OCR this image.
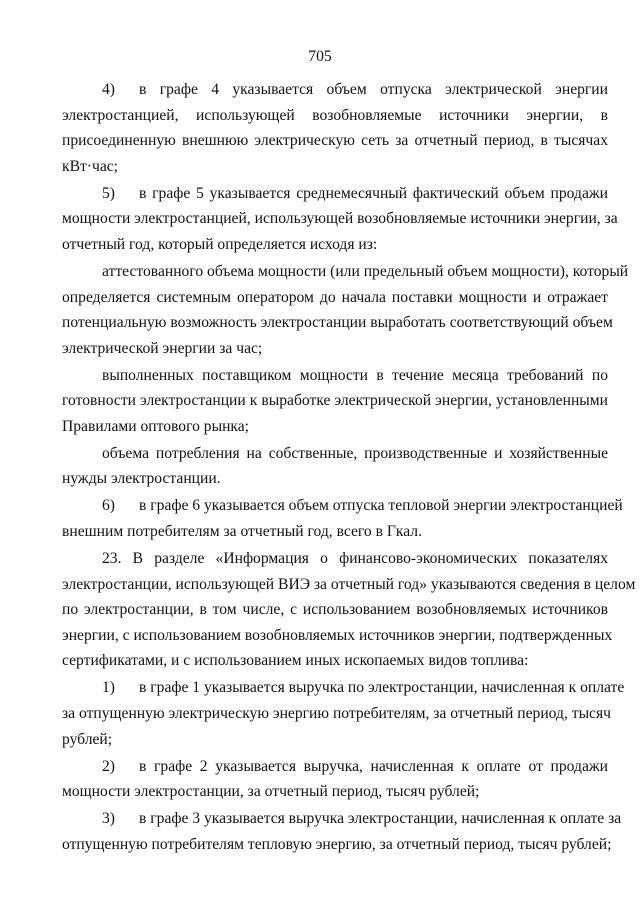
705
4) в графе 4 указывается объем отпуска электрической энергии
электростанцией, использующей возобновляемые источники энергии, в
присоединенную внешнюю электрическую сеть за отчетный период, в тысячах
кВт·час;
5) в графе 5 указывается среднемесячный фактический объем продажи
мощности электростанцией, использующей возобновляемые источники энергии, за
отчетный год, который определяется исходя из:
аттестованного объема мощности (или предельный объем мощности), который
определяется системным оператором до начала поставки мощности и отражает
потенциальную возможность электростанции выработать соответствующий объем
электрической энергии за час;
выполненных поставщиком мощности в течение месяца требований по
готовности электростанции к выработке электрической энергии, установленными
Правилами оптового рынка;
объема потребления на собственные, производственные и хозяйственные
нужды электростанции.
6) в графе 6 указывается объем отпуска тепловой энергии электростанцией
внешним потребителям за отчетный год, всего в Гкал.
23. В разделе «Информация о финансово-экономических показателях
электростанции, использующей ВИЭ за отчетный год» указываются сведения в целом
по электростанции, в том числе, с использованием возобновляемых источников
энергии, с использованием возобновляемых источников энергии, подтвержденных
сертификатами, и с использованием иных ископаемых видов топлива:
1) в графе 1 указывается выручка по электростанции, начисленная к оплате
за отпущенную электрическую энергию потребителям, за отчетный период, тысяч
рублей;
2) в графе 2 указывается выручка, начисленная к оплате от продажи
мощности электростанции, за отчетный период, тысяч рублей;
3) в графе 3 указывается выручка электростанции, начисленная к оплате за
отпущенную потребителям тепловую энергию, за отчетный период, тысяч рублей;
